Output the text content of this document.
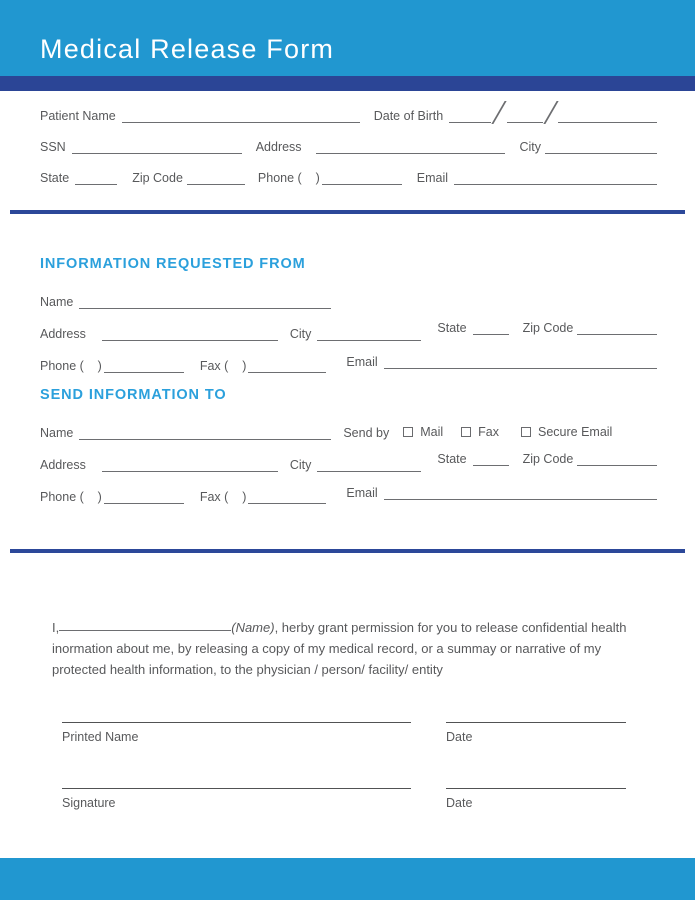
Medical Release Form
Patient Name	Date of Birth
SSN	Address	City
State	Zip Code	Phone (    )	Email
INFORMATION REQUESTED FROM
Name
Address	City	State	Zip Code
Phone (    )	Fax (    )	Email
SEND INFORMATION TO
Name	Send by Mail	Fax	Secure Email
Address	City	State	Zip Code
Phone (    )	Fax (    )	Email

I,	(Name), herby grant permission for you to release confidential health inormation about me, by releasing a copy of my medical record, or a summay or narrative of my protected health information, to the physician / person/ facility/ entity

Printed Name	Date
Signature	Date
